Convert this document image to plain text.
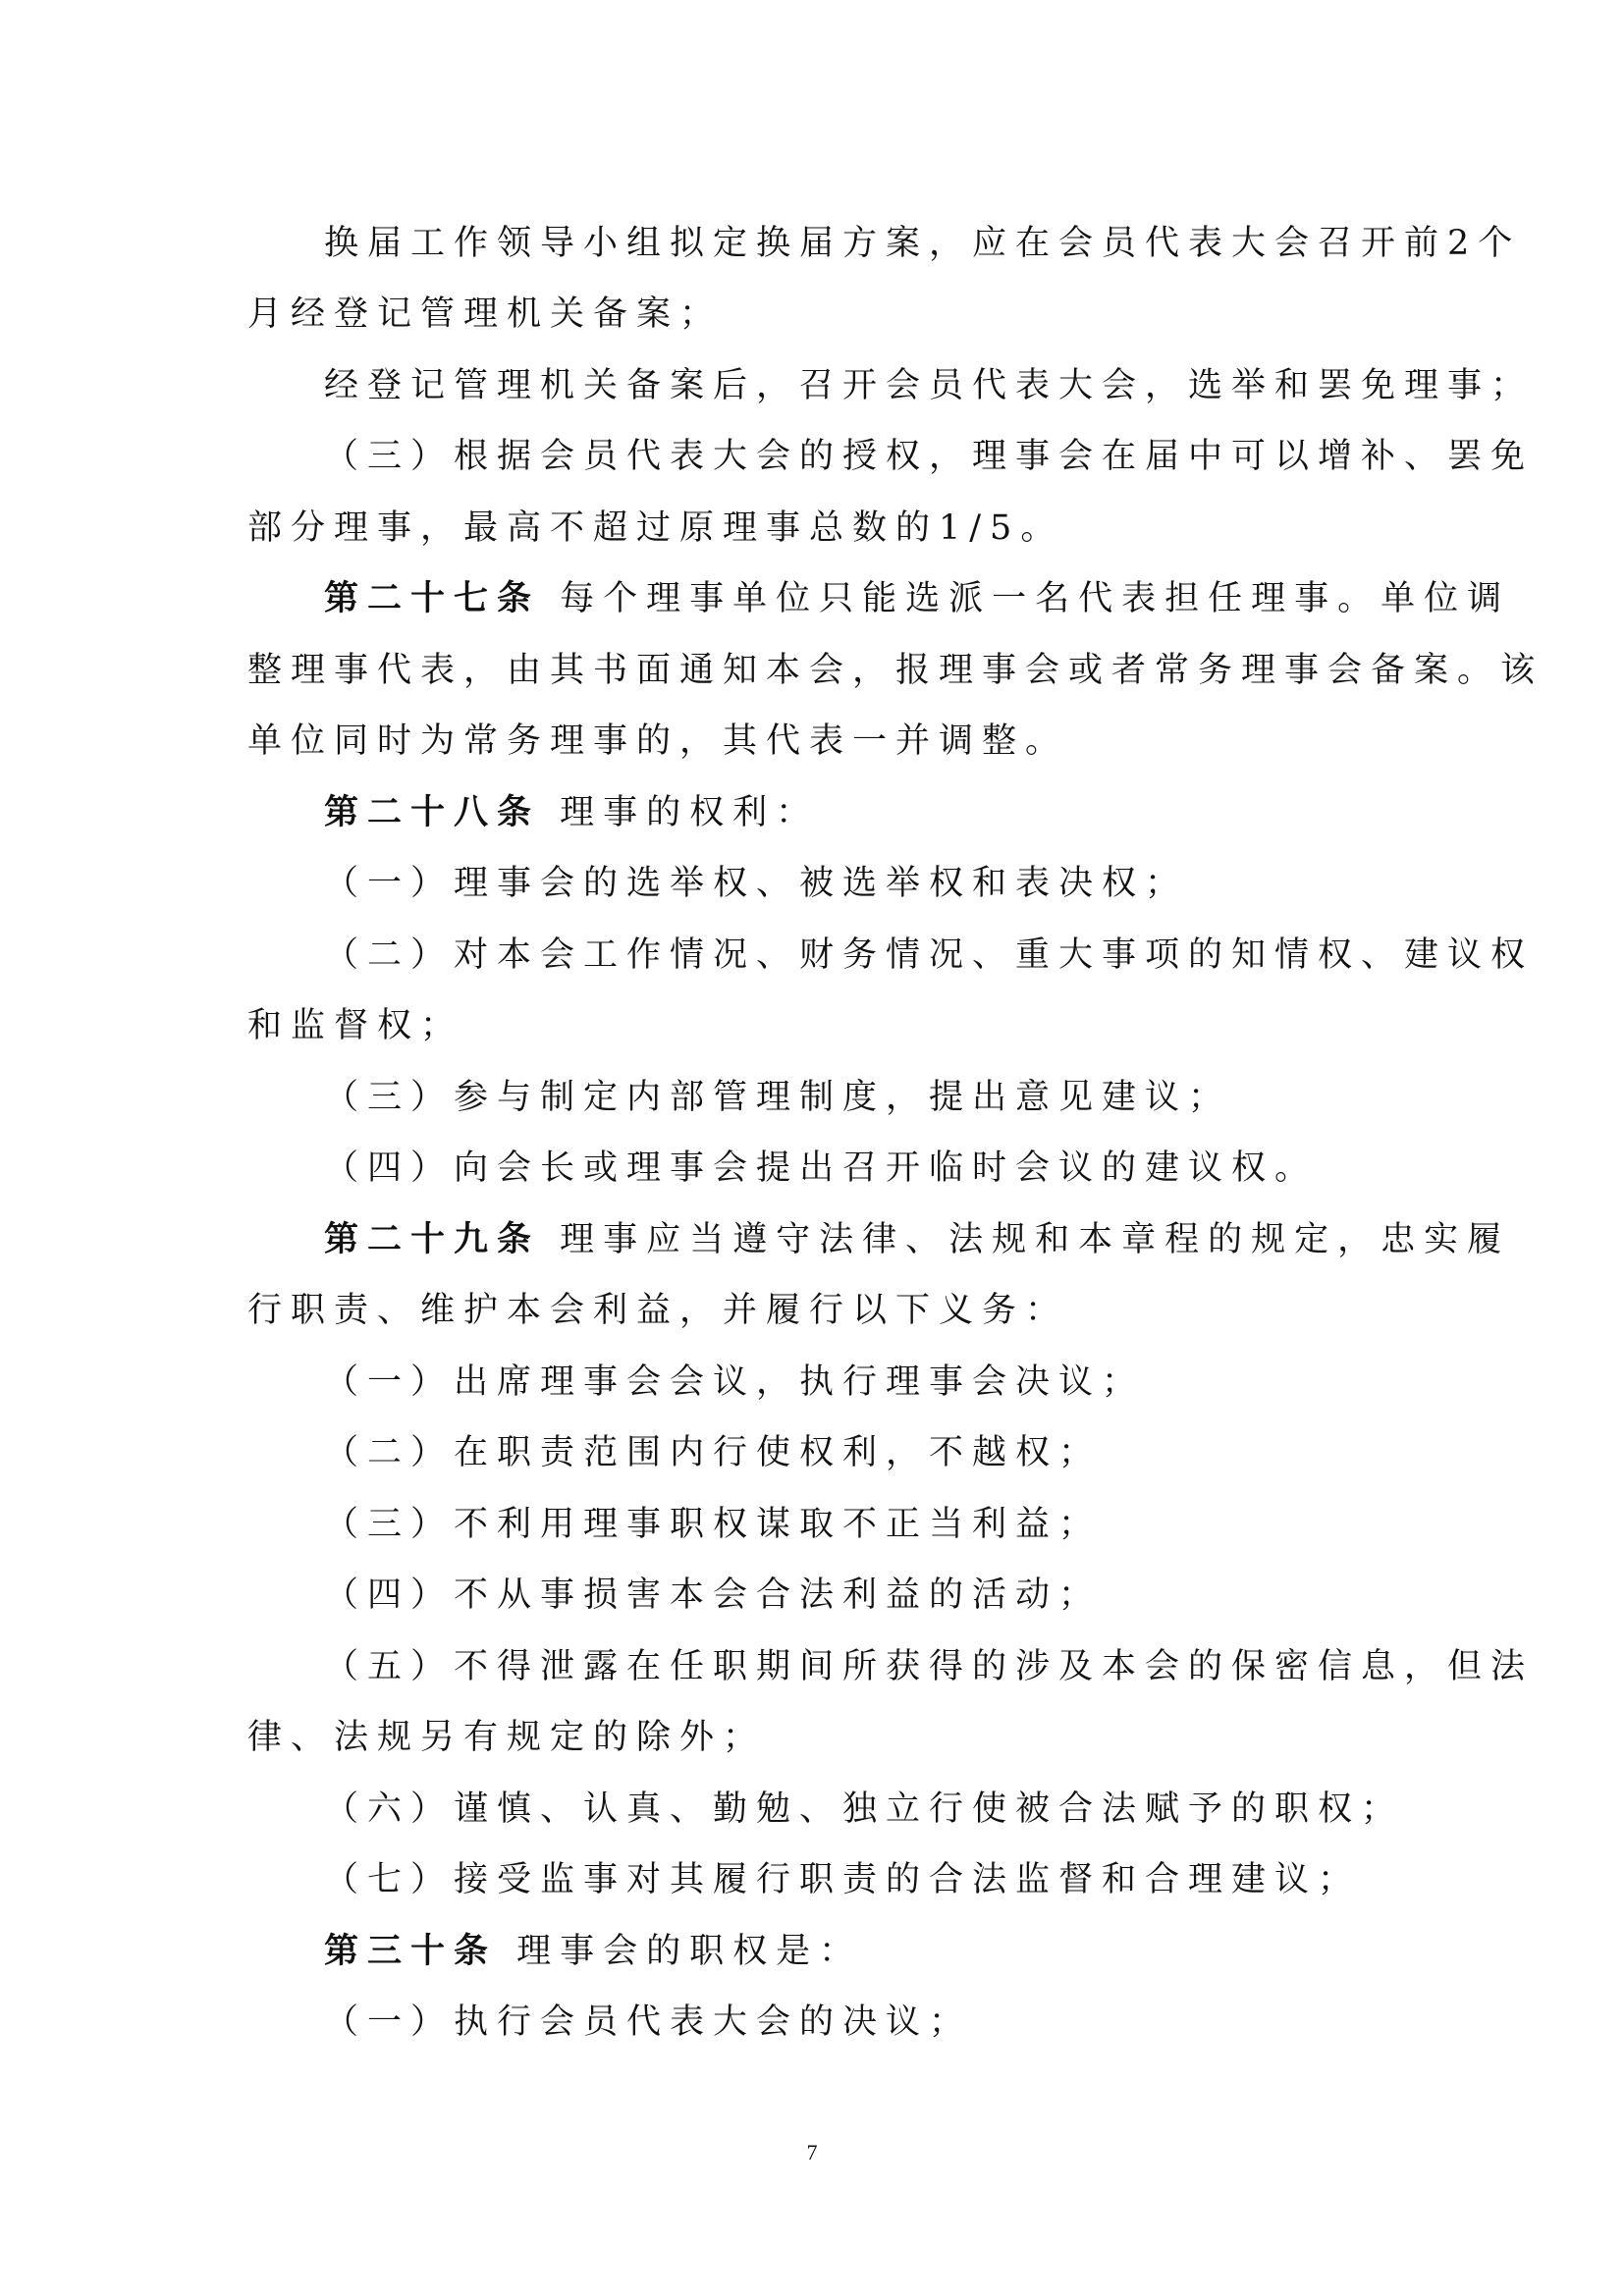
换届工作领导小组拟定换届方案，应在会员代表大会召开前2个
月经登记管理机关备案；
经登记管理机关备案后，召开会员代表大会，选举和罢免理事；
（三）根据会员代表大会的授权，理事会在届中可以增补、罢免
部分理事，最高不超过原理事总数的1/5。
第二十七条 每个理事单位只能选派一名代表担任理事。单位调
整理事代表，由其书面通知本会，报理事会或者常务理事会备案。该
单位同时为常务理事的，其代表一并调整。
第二十八条 理事的权利：
（一）理事会的选举权、被选举权和表决权；
（二）对本会工作情况、财务情况、重大事项的知情权、建议权
和监督权；
（三）参与制定内部管理制度，提出意见建议；
（四）向会长或理事会提出召开临时会议的建议权。
第二十九条 理事应当遵守法律、法规和本章程的规定，忠实履
行职责、维护本会利益，并履行以下义务：
（一）出席理事会会议，执行理事会决议；
（二）在职责范围内行使权利，不越权；
（三）不利用理事职权谋取不正当利益；
（四）不从事损害本会合法利益的活动；
（五）不得泄露在任职期间所获得的涉及本会的保密信息，但法
律、法规另有规定的除外；
（六）谨慎、认真、勤勉、独立行使被合法赋予的职权；
（七）接受监事对其履行职责的合法监督和合理建议；
第三十条 理事会的职权是：
（一）执行会员代表大会的决议；
7
